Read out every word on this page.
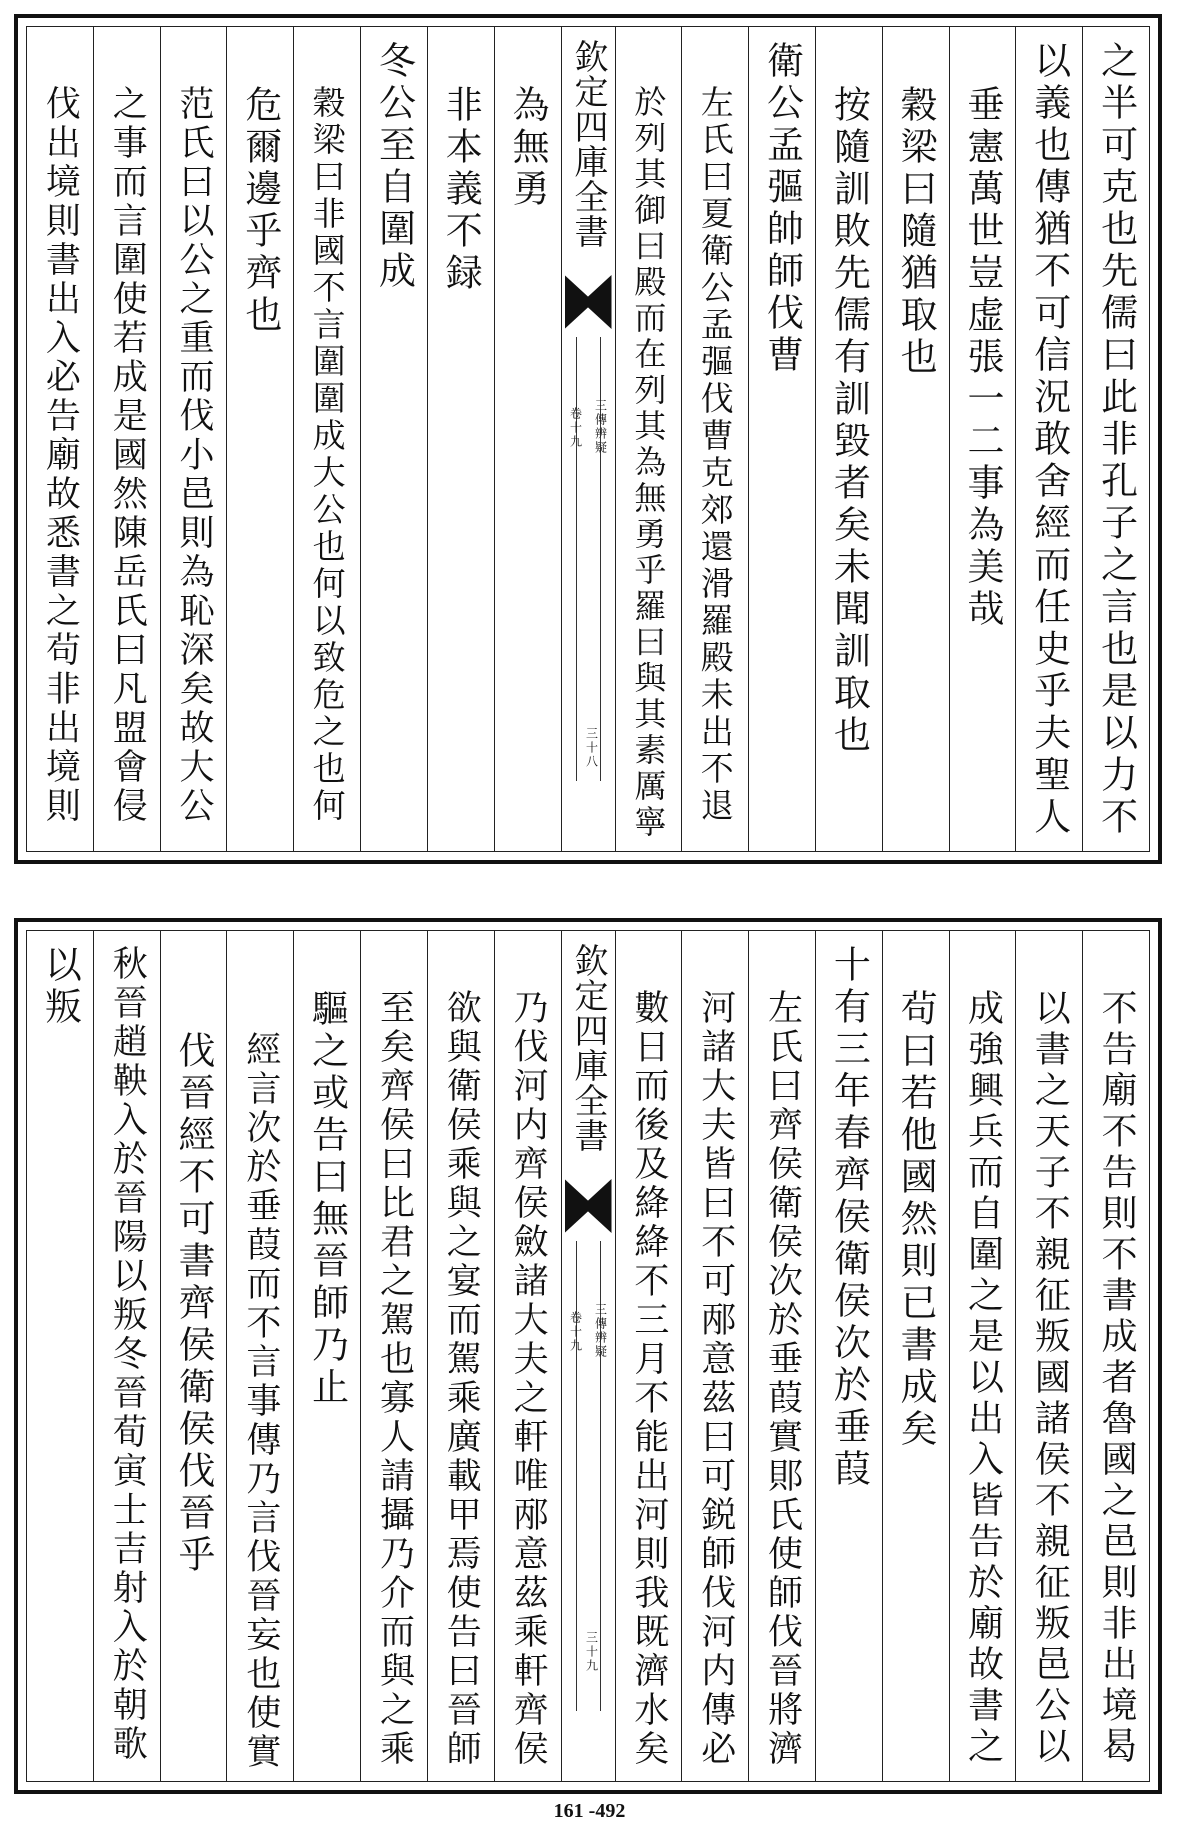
之半可克也先儒曰此非孔子之言也是以力不
以義也傳猶不可信況敢舍經而任史乎夫聖人
垂憲萬世豈虚張一二事為美哉
穀梁曰隨猶取也
按隨訓敗先儒有訓毀者矣未聞訓取也
衛公孟彄帥師伐曹
左氏曰夏衛公孟彄伐曹克郊還滑羅殿未出不退
於列其御曰殿而在列其為無勇乎羅曰與其素厲寧
欽定四庫全書
三傳辨疑
卷十九
三十八
為無勇
非本義不録
冬公至自圍成
穀梁曰非國不言圍圍成大公也何以致危之也何
危爾邊乎齊也
范氏曰以公之重而伐小邑則為恥深矣故大公
之事而言圍使若成是國然陳岳氏曰凡盟會侵
伐出境則書出入必告廟故悉書之茍非出境則
不告廟不告則不書成者魯國之邑則非出境曷
以書之天子不親征叛國諸侯不親征叛邑公以
成強興兵而自圍之是以出入皆告於廟故書之
茍曰若他國然則已書成矣
十有三年春齊侯衛侯次於垂葭
左氏曰齊侯衛侯次於垂葭實郥氏使師伐晉將濟
河諸大夫皆曰不可邴意茲曰可鋭師伐河内傳必
數日而後及絳絳不三月不能出河則我既濟水矣
欽定四庫全書
三傳辨疑
卷十九
三十九
乃伐河内齊侯斂諸大夫之軒唯邴意茲乘軒齊侯
欲與衛侯乘與之宴而駕乘廣載甲焉使告曰晉師
至矣齊侯曰比君之駕也寡人請攝乃介而與之乘
驅之或告曰無晉師乃止
經言次於垂葭而不言事傳乃言伐晉妄也使實
伐晉經不可書齊侯衛侯伐晉乎
秋晉趙鞅入於晉陽以叛冬晉荀寅士吉射入於朝歌
以叛
161 -492
